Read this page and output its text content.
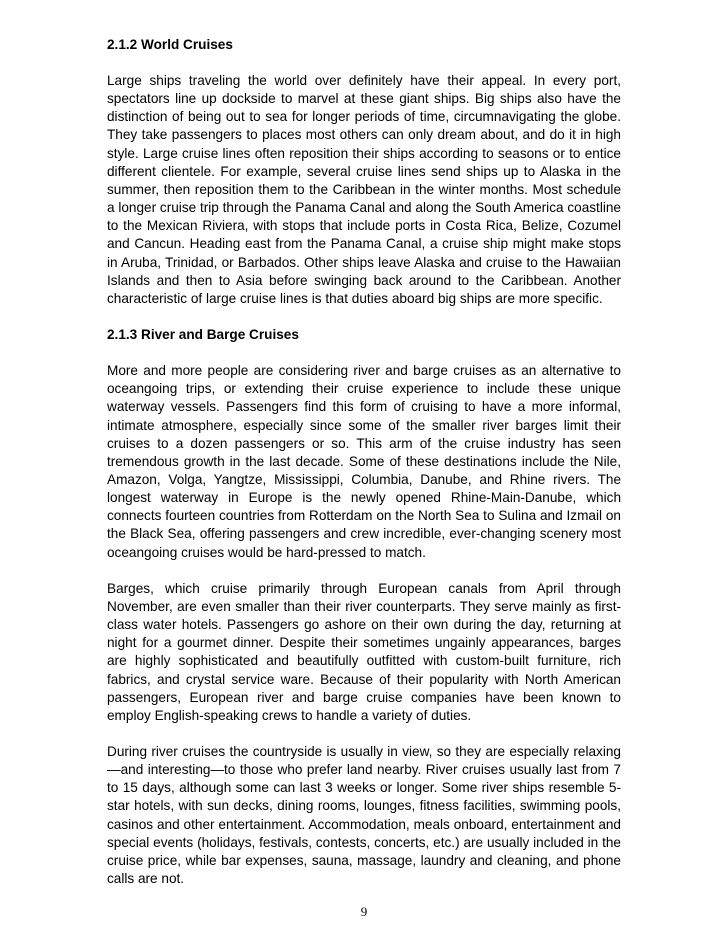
2.1.2 World Cruises

Large ships traveling the world over definitely have their appeal. In every port, spectators line up dockside to marvel at these giant ships. Big ships also have the distinction of being out to sea for longer periods of time, circumnavigating the globe. They take passengers to places most others can only dream about, and do it in high style. Large cruise lines often reposition their ships according to seasons or to entice different clientele. For example, several cruise lines send ships up to Alaska in the summer, then reposition them to the Caribbean in the winter months. Most schedule a longer cruise trip through the Panama Canal and along the South America coastline to the Mexican Riviera, with stops that include ports in Costa Rica, Belize, Cozumel and Cancun. Heading east from the Panama Canal, a cruise ship might make stops in Aruba, Trinidad, or Barbados. Other ships leave Alaska and cruise to the Hawaiian Islands and then to Asia before swinging back around to the Caribbean. Another characteristic of large cruise lines is that duties aboard big ships are more specific.

2.1.3 River and Barge Cruises

More and more people are considering river and barge cruises as an alternative to oceangoing trips, or extending their cruise experience to include these unique waterway vessels. Passengers find this form of cruising to have a more informal, intimate atmosphere, especially since some of the smaller river barges limit their cruises to a dozen passengers or so. This arm of the cruise industry has seen tremendous growth in the last decade. Some of these destinations include the Nile, Amazon, Volga, Yangtze, Mississippi, Columbia, Danube, and Rhine rivers. The longest waterway in Europe is the newly opened Rhine-Main-Danube, which connects fourteen countries from Rotterdam on the North Sea to Sulina and Izmail on the Black Sea, offering passengers and crew incredible, ever-changing scenery most oceangoing cruises would be hard-pressed to match.

Barges, which cruise primarily through European canals from April through November, are even smaller than their river counterparts. They serve mainly as first-class water hotels. Passengers go ashore on their own during the day, returning at night for a gourmet dinner. Despite their sometimes ungainly appearances, barges are highly sophisticated and beautifully outfitted with custom-built furniture, rich fabrics, and crystal service ware. Because of their popularity with North American passengers, European river and barge cruise companies have been known to employ English-speaking crews to handle a variety of duties.

During river cruises the countryside is usually in view, so they are especially relaxing—and interesting—to those who prefer land nearby. River cruises usually last from 7 to 15 days, although some can last 3 weeks or longer. Some river ships resemble 5-star hotels, with sun decks, dining rooms, lounges, fitness facilities, swimming pools, casinos and other entertainment. Accommodation, meals onboard, entertainment and special events (holidays, festivals, contests, concerts, etc.) are usually included in the cruise price, while bar expenses, sauna, massage, laundry and cleaning, and phone calls are not.

9
